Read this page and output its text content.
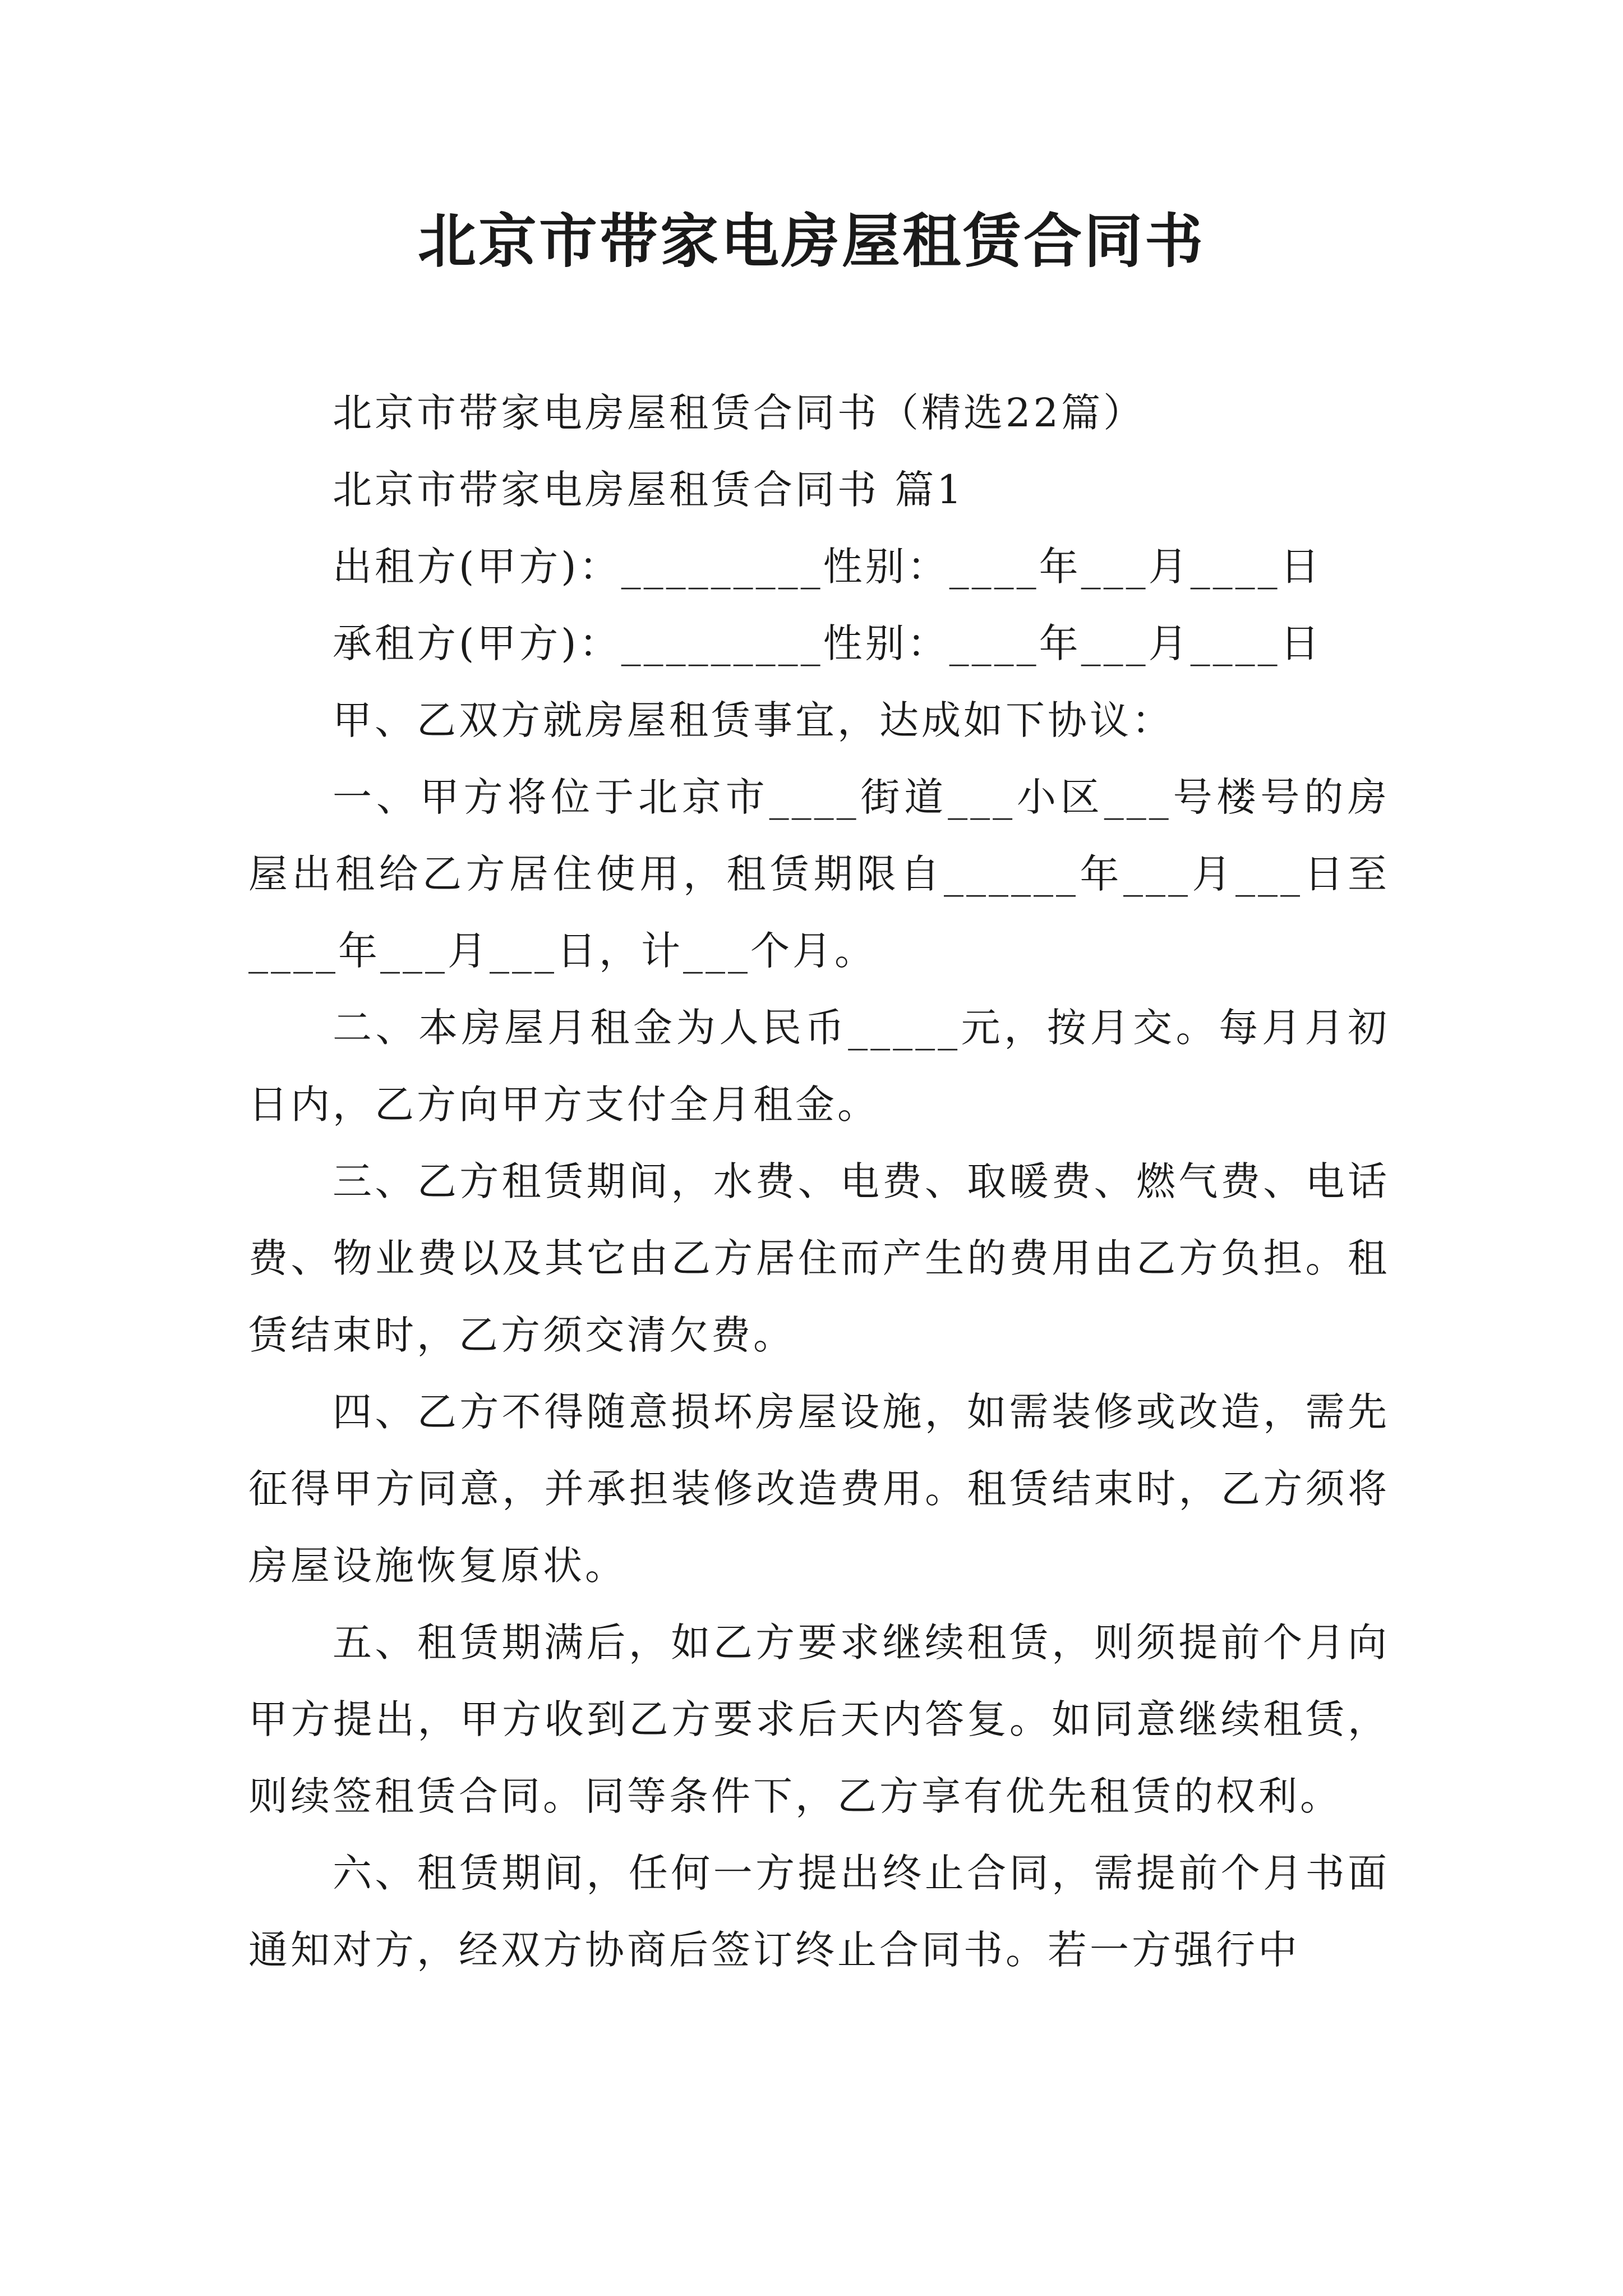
北京市带家电房屋租赁合同书
北京市带家电房屋租赁合同书（精选22篇）
北京市带家电房屋租赁合同书 篇1
出租方(甲方)：_________性别：____年___月____日
承租方(甲方)：_________性别：____年___月____日
甲、乙双方就房屋租赁事宜，达成如下协议：

一、甲方将位于北京市____街道___小区___号楼号的房屋出租给乙方居住使用，租赁期限自______年___月___日至____年___月___日，计___个月。

二、本房屋月租金为人民币_____元，按月交。每月月初日内，乙方向甲方支付全月租金。

三、乙方租赁期间，水费、电费、取暖费、燃气费、电话费、物业费以及其它由乙方居住而产生的费用由乙方负担。租赁结束时，乙方须交清欠费。

四、乙方不得随意损坏房屋设施，如需装修或改造，需先征得甲方同意，并承担装修改造费用。租赁结束时，乙方须将房屋设施恢复原状。

五、租赁期满后，如乙方要求继续租赁，则须提前个月向甲方提出，甲方收到乙方要求后天内答复。如同意继续租赁，则续签租赁合同。同等条件下，乙方享有优先租赁的权利。

六、租赁期间，任何一方提出终止合同，需提前个月书面通知对方，经双方协商后签订终止合同书。若一方强行中
